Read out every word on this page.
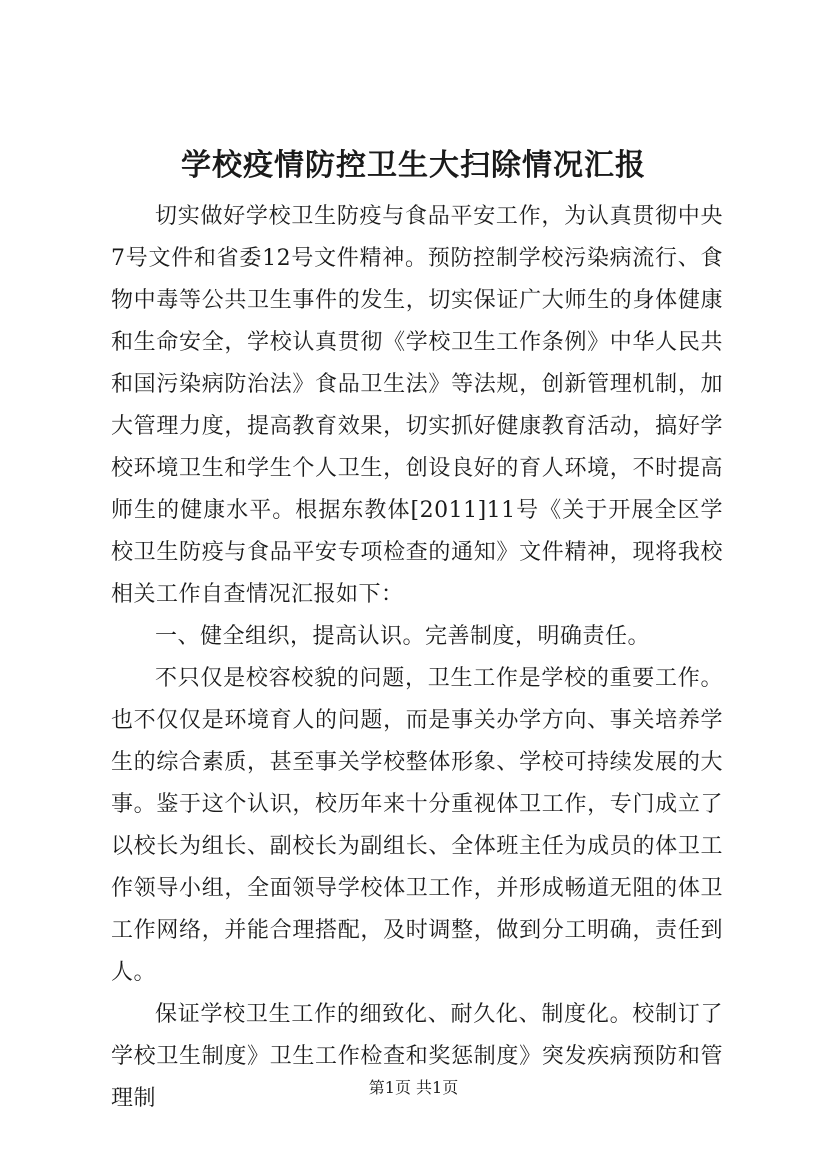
学校疫情防控卫生大扫除情况汇报

切实做好学校卫生防疫与食品平安工作，为认真贯彻中央7号文件和省委12号文件精神。预防控制学校污染病流行、食物中毒等公共卫生事件的发生，切实保证广大师生的身体健康和生命安全，学校认真贯彻《学校卫生工作条例》中华人民共和国污染病防治法》食品卫生法》等法规，创新管理机制，加大管理力度，提高教育效果，切实抓好健康教育活动，搞好学校环境卫生和学生个人卫生，创设良好的育人环境，不时提高师生的健康水平。根据东教体[2011]11号《关于开展全区学校卫生防疫与食品平安专项检查的通知》文件精神，现将我校相关工作自查情况汇报如下：

一、健全组织，提高认识。完善制度，明确责任。

不只仅是校容校貌的问题，卫生工作是学校的重要工作。也不仅仅是环境育人的问题，而是事关办学方向、事关培养学生的综合素质，甚至事关学校整体形象、学校可持续发展的大事。鉴于这个认识，校历年来十分重视体卫工作，专门成立了以校长为组长、副校长为副组长、全体班主任为成员的体卫工作领导小组，全面领导学校体卫工作，并形成畅道无阻的体卫工作网络，并能合理搭配，及时调整，做到分工明确，责任到人。

保证学校卫生工作的细致化、耐久化、制度化。校制订了学校卫生制度》卫生工作检查和奖惩制度》突发疾病预防和管理制	第1页 共1页
